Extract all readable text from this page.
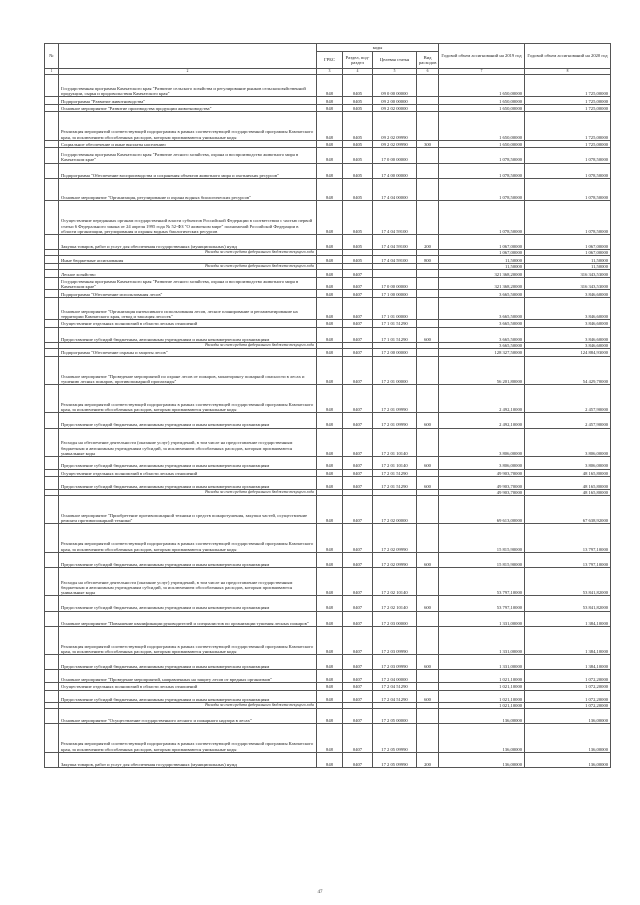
№		коды				Годовой объем ассигнований на 2019 год	Годовой объем ассигнований на 2020 год
		ГРБС	Раздел, под-раздел	Целевая статья	Вид расходов		
1	2	3	4	5	6	7	8
	Государственная программа Камчатского края "Развитие сельского хозяйства и регулирование рынков сельскохозяйственной продукции, сырья и продовольствия Камчатского края"	848	0405	09 0 00 00000		1 650,00000	1 725,00000
	Подпрограмма "Развитие животноводства"	848	0405	09 2 00 00000		1 650,00000	1 725,00000
	Основное мероприятие "Развитие производства продукции животноводства"	848	0405	09 2 02 00000		1 650,00000	1 725,00000
	Реализация мероприятий соответствующей подпрограммы в рамках соответствующей государственной программы Камчатского края, за исключением обособленных расходов, которым присваиваются уникальные коды	848	0405	09 2 02 09990		1 650,00000	1 725,00000
	Социальное обеспечение и иные выплаты населению	848	0405	09 2 02 09990	300	1 650,00000	1 725,00000
	Государственная программа Камчатского края "Развитие лесного хозяйства, охрана и воспроизводство животного мира в Камчатском крае"	848	0405	17 0 00 00000		1 078,50000	1 078,50000
	Подпрограмма "Обеспечение воспроизводства и сохранения объектов животного мира и охотничьих ресурсов"	848	0405	17 4 00 00000		1 078,50000	1 078,50000
	Основное мероприятие "Организация, регулирование и охрана водных биологических ресурсов"	848	0405	17 4 04 00000		1 078,50000	1 078,50000
	Осуществление переданных органам государственной власти субъектов Российской Федерации в соответствии с частью первой статьи 6 Федерального закона от 24 апреля 1995 года № 52-ФЗ "О животном мире" полномочий Российской Федерации в области организации, регулирования и охраны водных биологических ресурсов	848	0405	17 4 04 59100		1 078,50000	1 078,50000
	Закупка товаров, работ и услуг для обеспечения государственных (муниципальных) нужд	848	0405	17 4 04 59100	200	1 067,00000	1 067,00000
	Расходы за счет средств федерального бюджета текущего года					1 067,00000	1 067,00000
	Иные бюджетные ассигнования	848	0405	17 4 04 59100	800	11,50000	11,50000
	Расходы за счет средств федерального бюджета текущего года					11,50000	11,50000
	Лесное хозяйство	848	0407			321 368,20000	316 343,53000
	Государственная программа Камчатского края "Развитие лесного хозяйства, охрана и воспроизводство животного мира в Камчатском крае"	848	0407	17 0 00 00000		321 368,20000	316 343,53000
	Подпрограмма "Обеспечение использования лесов"	848	0407	17 1 00 00000		3 665,50000	3 846,60000
	Основное мероприятие "Организация интенсивного использования лесов, лесное планирование и регламентирование на территории Камчатского края, отвод и таксация лесосек"	848	0407	17 1 01 00000		3 665,50000	3 846,60000
	Осуществление отдельных полномочий в области лесных отношений	848	0407	17 1 01 51290		3 665,50000	3 846,60000
	Предоставление субсидий бюджетным, автономным учреждениям и иным некоммерческим организациям	848	0407	17 1 01 51290	600	3 665,50000	3 846,60000
	Расходы за счет средств федерального бюджета текущего года					3 665,50000	3 846,60000
	Подпрограмма "Обеспечение охраны и защиты лесов"	848	0407	17 2 00 00000		128 327,50000	124 884,93000
	Основное мероприятие "Проведение мероприятий по охране лесов от пожаров, мониторингу пожарной опасности в лесах и тушению лесных пожаров, противопожарной пропаганды"	848	0407	17 2 01 00000		56 201,80000	54 429,70000
	Реализация мероприятий соответствующей подпрограммы в рамках соответствующей государственной программы Камчатского края, за исключением обособленных расходов, которым присваиваются уникальные коды	848	0407	17 2 01 09990		2 492,10000	2 457,90000
	Предоставление субсидий бюджетным, автономным учреждениям и иным некоммерческим организациям	848	0407	17 2 01 09990	600	2 492,10000	2 457,90000
	Расходы на обеспечение деятельности (оказание услуг) учреждений, в том числе на предоставление государственным бюджетным и автономным учреждениям субсидий, за исключением обособленных расходов, которым присваиваются уникальные коды	848	0407	17 2 01 10140		3 806,00000	3 806,00000
	Предоставление субсидий бюджетным, автономным учреждениям и иным некоммерческим организациям	848	0407	17 2 01 10140	600	3 806,00000	3 806,00000
	Осуществление отдельных полномочий в области лесных отношений	848	0407	17 2 01 51290		49 903,70000	48 165,80000
	Предоставление субсидий бюджетным, автономным учреждениям и иным некоммерческим организациям	848	0407	17 2 01 51290	600	49 903,70000	48 165,80000
	Расходы за счет средств федерального бюджета текущего года					49 903,70000	48 165,80000
	Основное мероприятие "Приобретение противопожарной техники и средств пожаротушения, закупки частей, осуществление ремонта противопожарной техники"	848	0407	17 2 02 00000		69 613,00000	67 638,92000
	Реализация мероприятий соответствующей подпрограммы в рамках соответствующей государственной программы Камчатского края, за исключением обособленных расходов, которым присваиваются уникальные коды	848	0407	17 2 02 09990		15 815,90000	13 797,10000
	Предоставление субсидий бюджетным, автономным учреждениям и иным некоммерческим организациям	848	0407	17 2 02 09990	600	15 815,90000	13 797,10000
	Расходы на обеспечение деятельности (оказание услуг) учреждений, в том числе на предоставление государственным бюджетным и автономным учреждениям субсидий, за исключением обособленных расходов, которым присваиваются уникальные коды	848	0407	17 2 02 10140		53 797,10000	53 841,82000
	Предоставление субсидий бюджетным, автономным учреждениям и иным некоммерческим организациям	848	0407	17 2 02 10140	600	53 797,10000	53 841,82000
	Основное мероприятие "Повышение квалификации руководителей и специалистов по организации тушения лесных пожаров"	848	0407	17 2 03 00000		1 331,00000	1 384,10000
	Реализация мероприятий соответствующей подпрограммы в рамках соответствующей государственной программы Камчатского края, за исключением обособленных расходов, которым присваиваются уникальные коды	848	0407	17 2 03 09990		1 331,00000	1 384,10000
	Предоставление субсидий бюджетным, автономным учреждениям и иным некоммерческим организациям	848	0407	17 2 03 09990	600	1 331,00000	1 384,10000
	Основное мероприятие "Проведение мероприятий, направленных на защиту лесов от вредных организмов"	848	0407	17 2 04 00000		1 021,10000	1 072,20000
	Осуществление отдельных полномочий в области лесных отношений	848	0407	17 2 04 51290		1 021,10000	1 072,20000
	Предоставление субсидий бюджетным, автономным учреждениям и иным некоммерческим организациям	848	0407	17 2 04 51290	600	1 021,10000	1 072,20000
	Расходы за счет средств федерального бюджета текущего года					1 021,10000	1 072,20000
	Основное мероприятие "Осуществление государственного лесного и пожарного надзора в лесах"	848	0407	17 2 05 00000		136,00000	136,00000
	Реализация мероприятий соответствующей подпрограммы в рамках соответствующей государственной программы Камчатского края, за исключением обособленных расходов, которым присваиваются уникальные коды	848	0407	17 2 05 09990		136,00000	136,00000
	Закупка товаров, работ и услуг для обеспечения государственных (муниципальных) нужд	848	0407	17 2 05 09990	200	136,00000	136,00000
47
